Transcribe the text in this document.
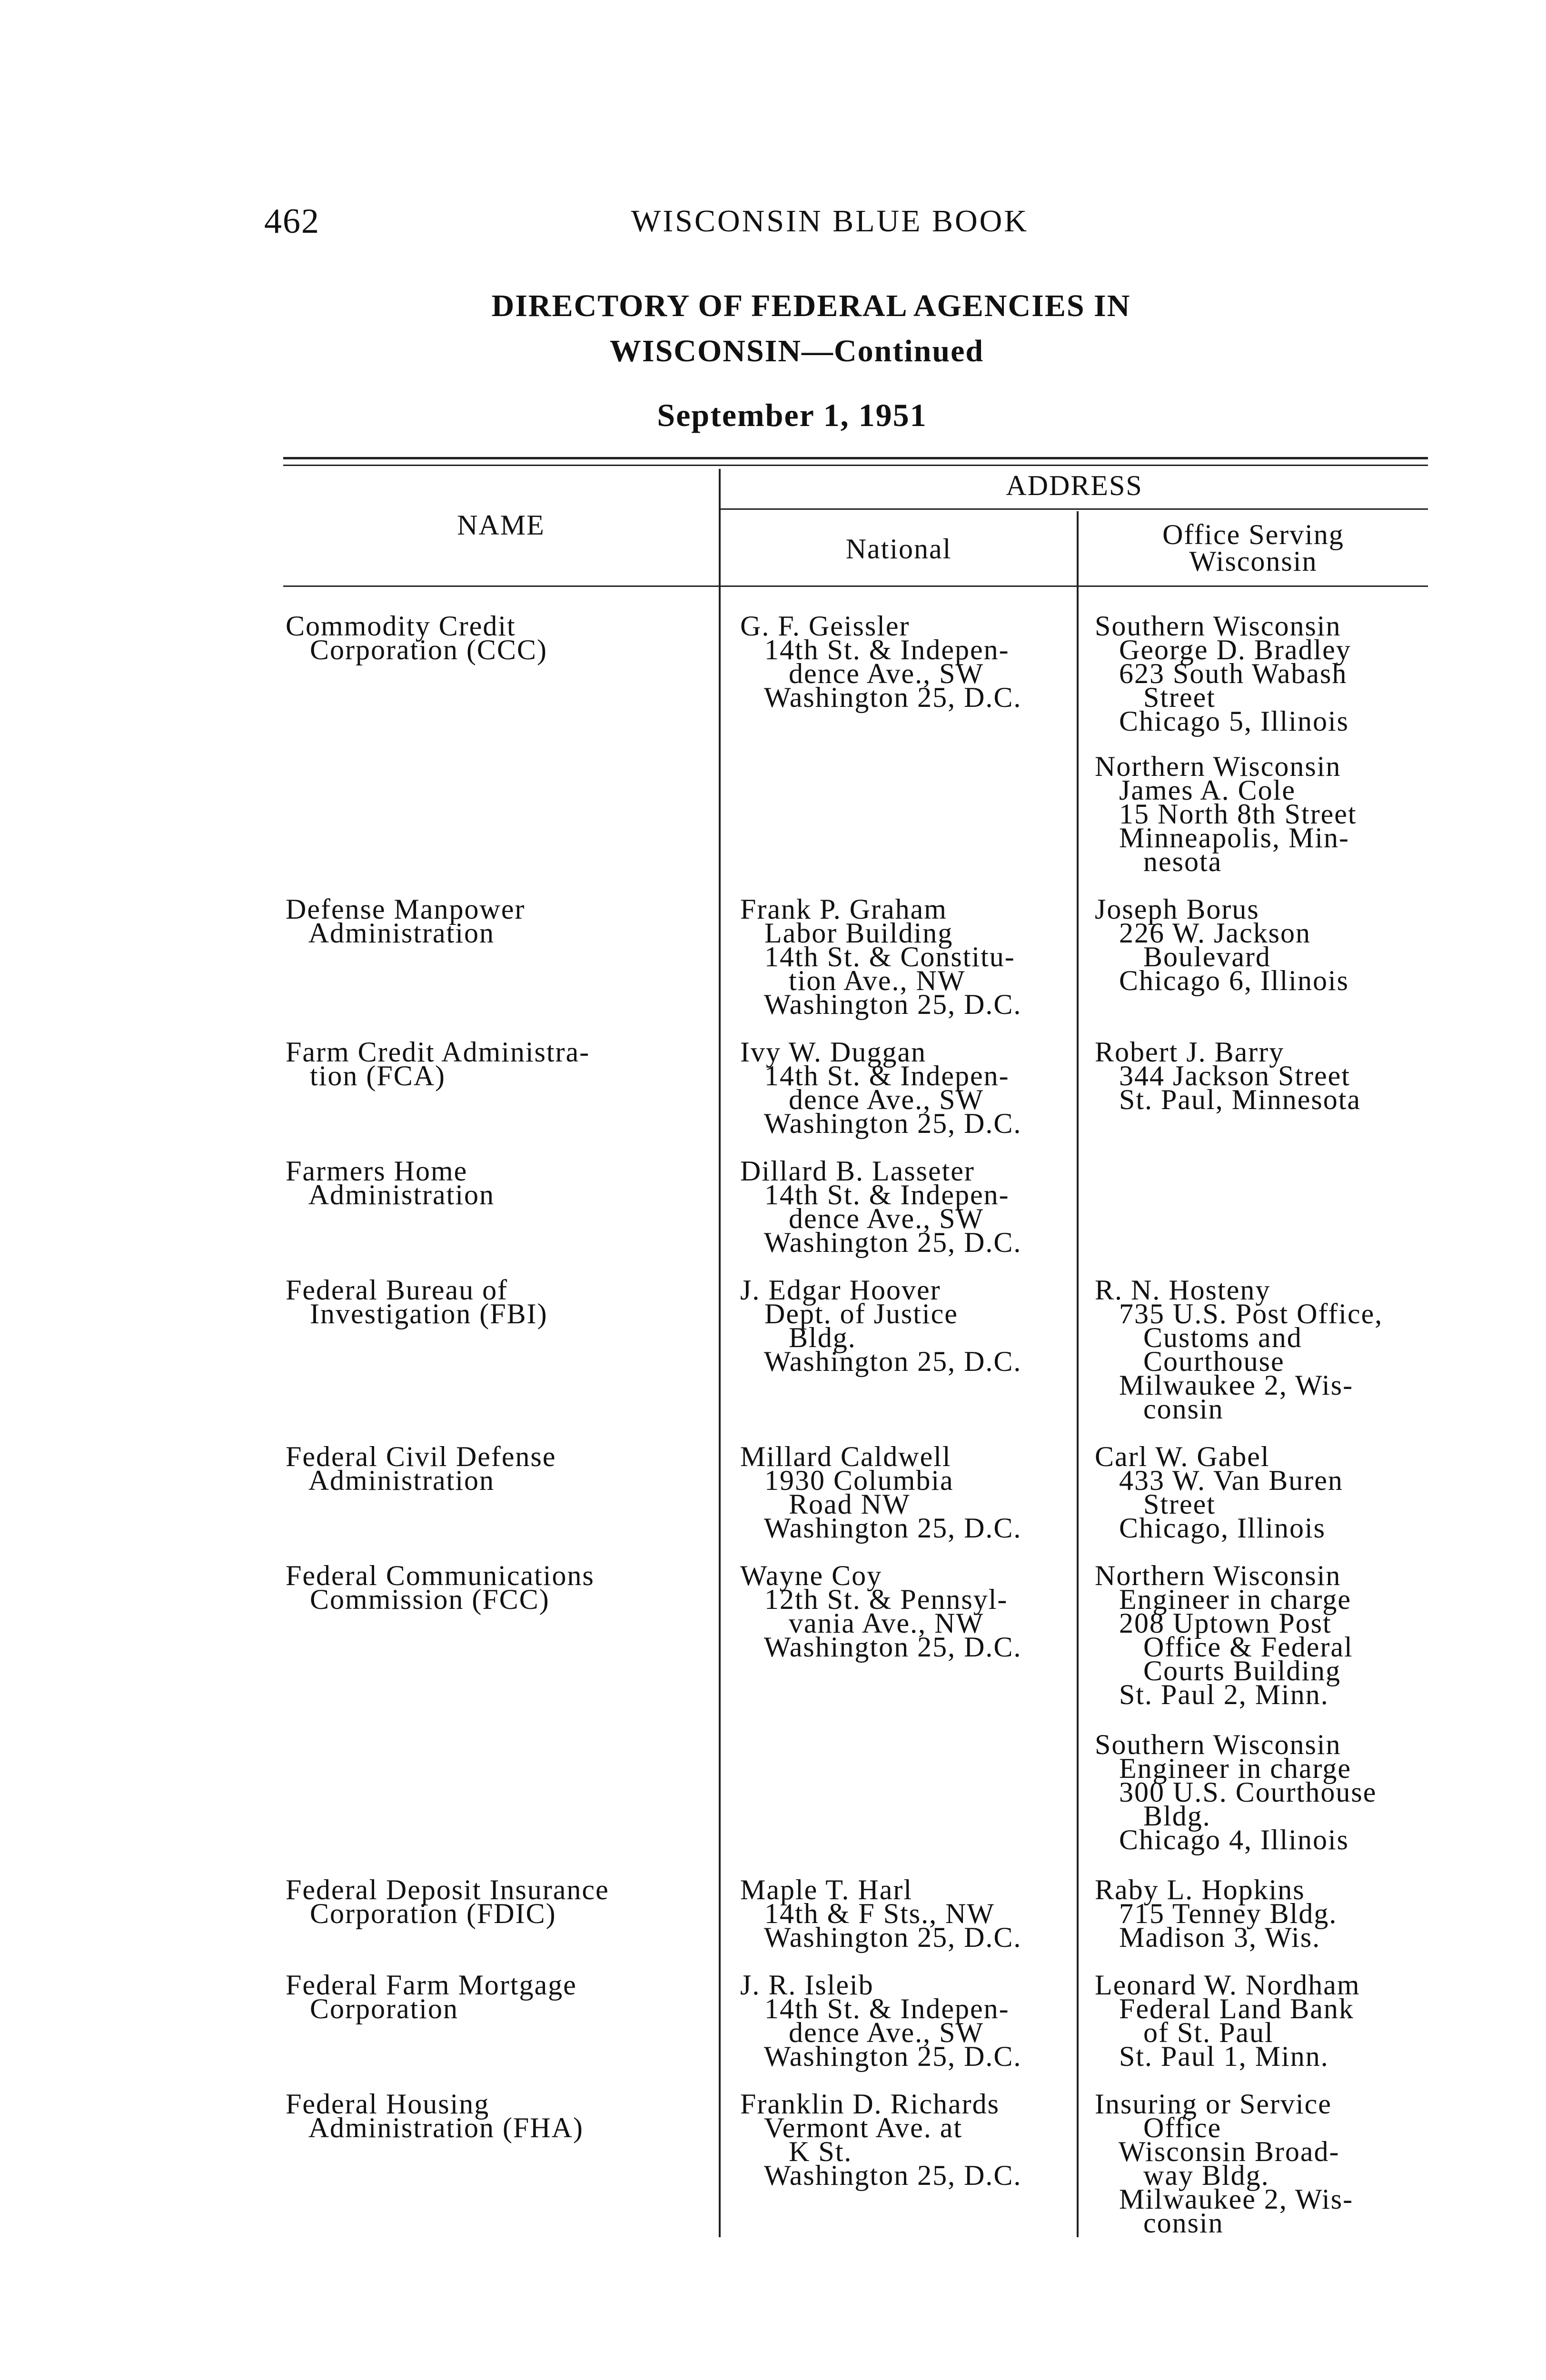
462	WISCONSIN BLUE BOOK
DIRECTORY OF FEDERAL AGENCIES IN
WISCONSIN—Continued
September 1, 1951
ADDRESS
NAME
National	Office Serving
Wisconsin
Commodity Credit
Corporation (CCC)
G. F. Geissler
14th St. & Indepen-
dence Ave., SW
Washington 25, D.C.
Southern Wisconsin
George D. Bradley
623 South Wabash
Street
Chicago 5, Illinois
Northern Wisconsin
James A. Cole
15 North 8th Street
Minneapolis, Min-
nesota
Defense Manpower
Administration
Frank P. Graham
Labor Building
14th St. & Constitu-
tion Ave., NW
Washington 25, D.C.
Joseph Borus
226 W. Jackson
Boulevard
Chicago 6, Illinois
Farm Credit Administra-
tion (FCA)
Ivy W. Duggan
14th St. & Indepen-
dence Ave., SW
Washington 25, D.C.
Robert J. Barry
344 Jackson Street
St. Paul, Minnesota
Farmers Home
Administration
Dillard B. Lasseter
14th St. & Indepen-
dence Ave., SW
Washington 25, D.C.
Federal Bureau of
Investigation (FBI)
J. Edgar Hoover
Dept. of Justice
Bldg.
Washington 25, D.C.
R. N. Hosteny
735 U.S. Post Office,
Customs and
Courthouse
Milwaukee 2, Wis-
consin
Federal Civil Defense
Administration
Millard Caldwell
1930 Columbia
Road NW
Washington 25, D.C.
Carl W. Gabel
433 W. Van Buren
Street
Chicago, Illinois
Federal Communications
Commission (FCC)
Wayne Coy
12th St. & Pennsyl-
vania Ave., NW
Washington 25, D.C.
Northern Wisconsin
Engineer in charge
208 Uptown Post
Office & Federal
Courts Building
St. Paul 2, Minn.
Southern Wisconsin
Engineer in charge
300 U.S. Courthouse
Bldg.
Chicago 4, Illinois
Federal Deposit Insurance
Corporation (FDIC)
Maple T. Harl
14th & F Sts., NW
Washington 25, D.C.
Raby L. Hopkins
715 Tenney Bldg.
Madison 3, Wis.
Federal Farm Mortgage
Corporation
J. R. Isleib
14th St. & Indepen-
dence Ave., SW
Washington 25, D.C.
Leonard W. Nordham
Federal Land Bank
of St. Paul
St. Paul 1, Minn.
Federal Housing
Administration (FHA)
Franklin D. Richards
Vermont Ave. at
K St.
Washington 25, D.C.
Insuring or Service
Office
Wisconsin Broad-
way Bldg.
Milwaukee 2, Wis-
consin
